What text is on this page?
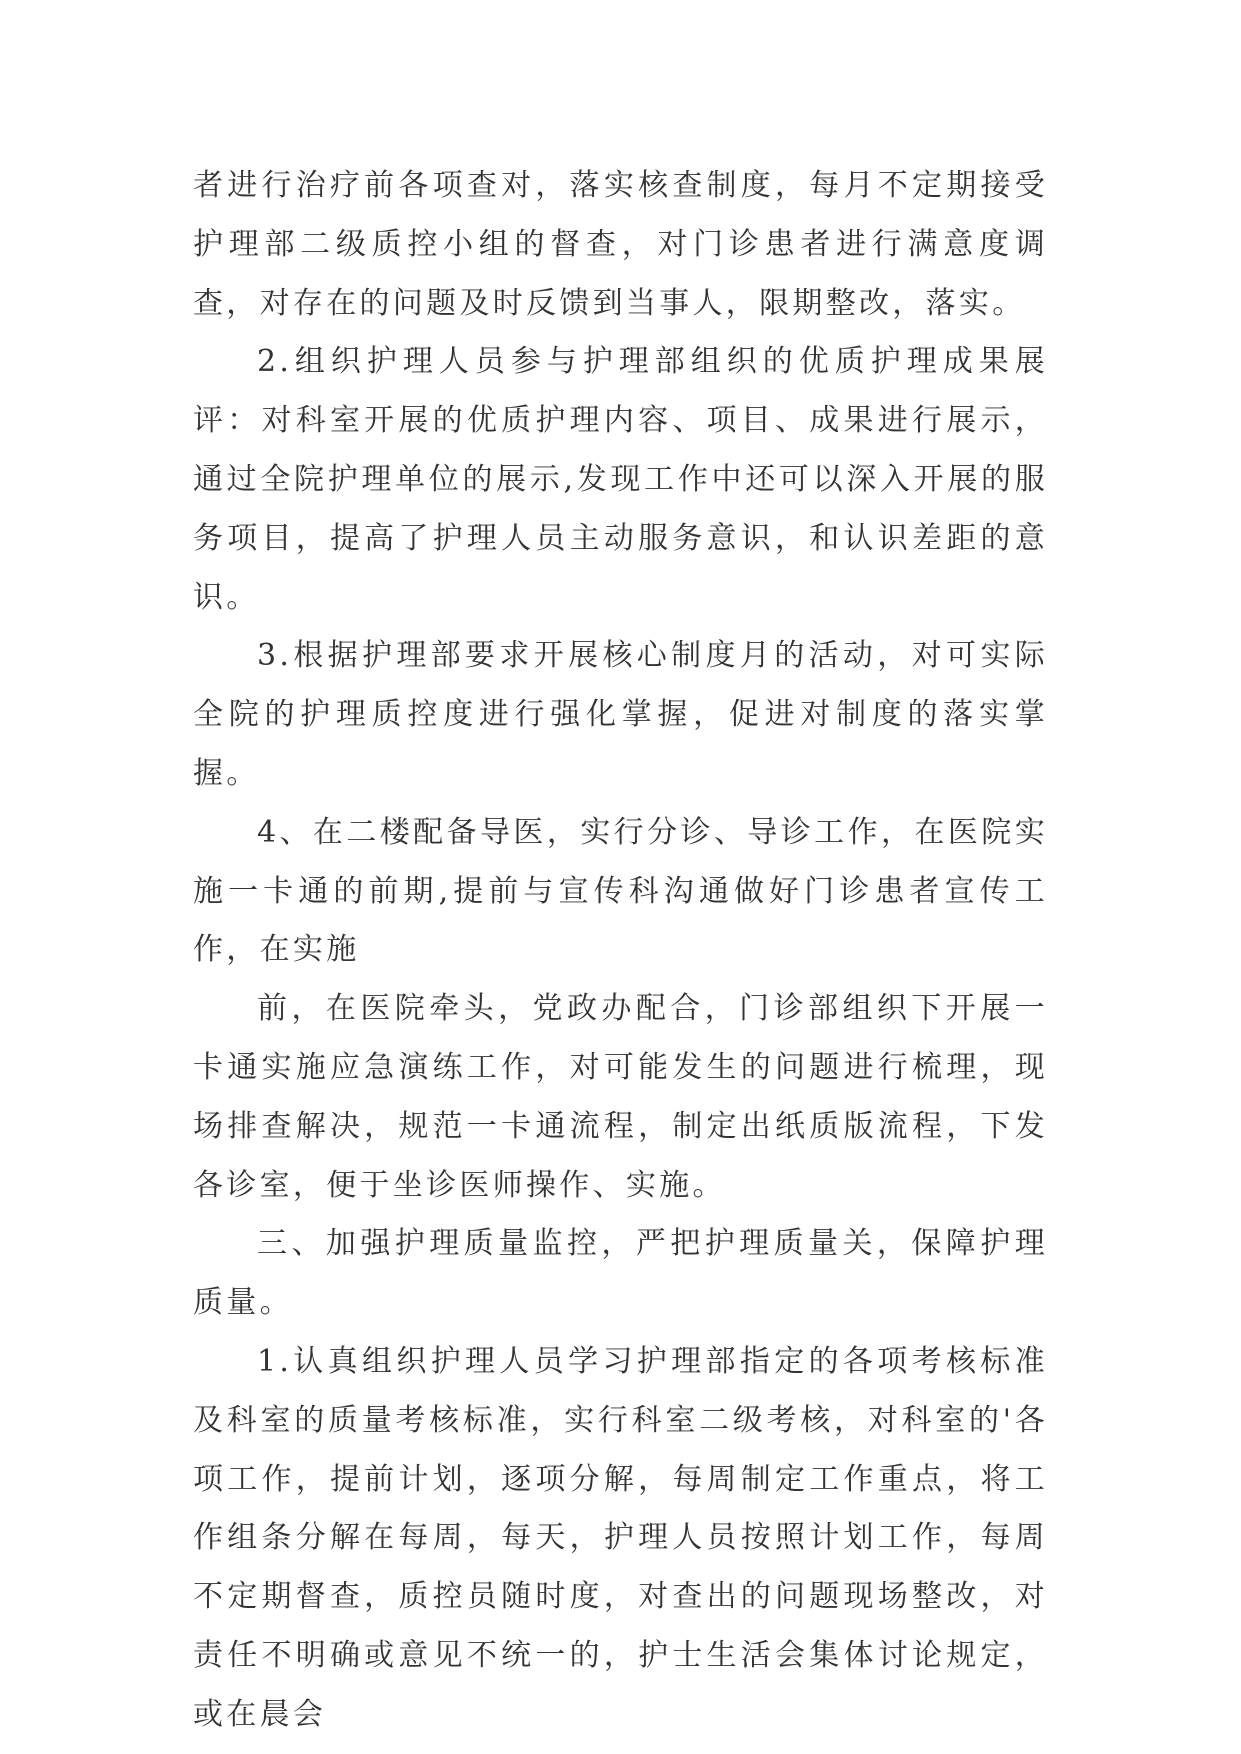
者进行治疗前各项查对，落实核查制度，每月不定期接受护理部二级质控小组的督查，对门诊患者进行满意度调查，对存在的问题及时反馈到当事人，限期整改，落实。

2.组织护理人员参与护理部组织的优质护理成果展评：对科室开展的优质护理内容、项目、成果进行展示，通过全院护理单位的展示,发现工作中还可以深入开展的服务项目，提高了护理人员主动服务意识，和认识差距的意识。

3.根据护理部要求开展核心制度月的活动，对可实际全院的护理质控度进行强化掌握，促进对制度的落实掌握。

4、在二楼配备导医，实行分诊、导诊工作，在医院实施一卡通的前期,提前与宣传科沟通做好门诊患者宣传工作，在实施

前，在医院牵头，党政办配合，门诊部组织下开展一卡通实施应急演练工作，对可能发生的问题进行梳理，现场排查解决，规范一卡通流程，制定出纸质版流程，下发各诊室，便于坐诊医师操作、实施。

三、加强护理质量监控，严把护理质量关，保障护理质量。

1.认真组织护理人员学习护理部指定的各项考核标准及科室的质量考核标准，实行科室二级考核，对科室的'各项工作，提前计划，逐项分解，每周制定工作重点，将工作组条分解在每周，每天，护理人员按照计划工作，每周不定期督查，质控员随时度，对查出的问题现场整改，对责任不明确或意见不统一的，护士生活会集体讨论规定，或在晨会
